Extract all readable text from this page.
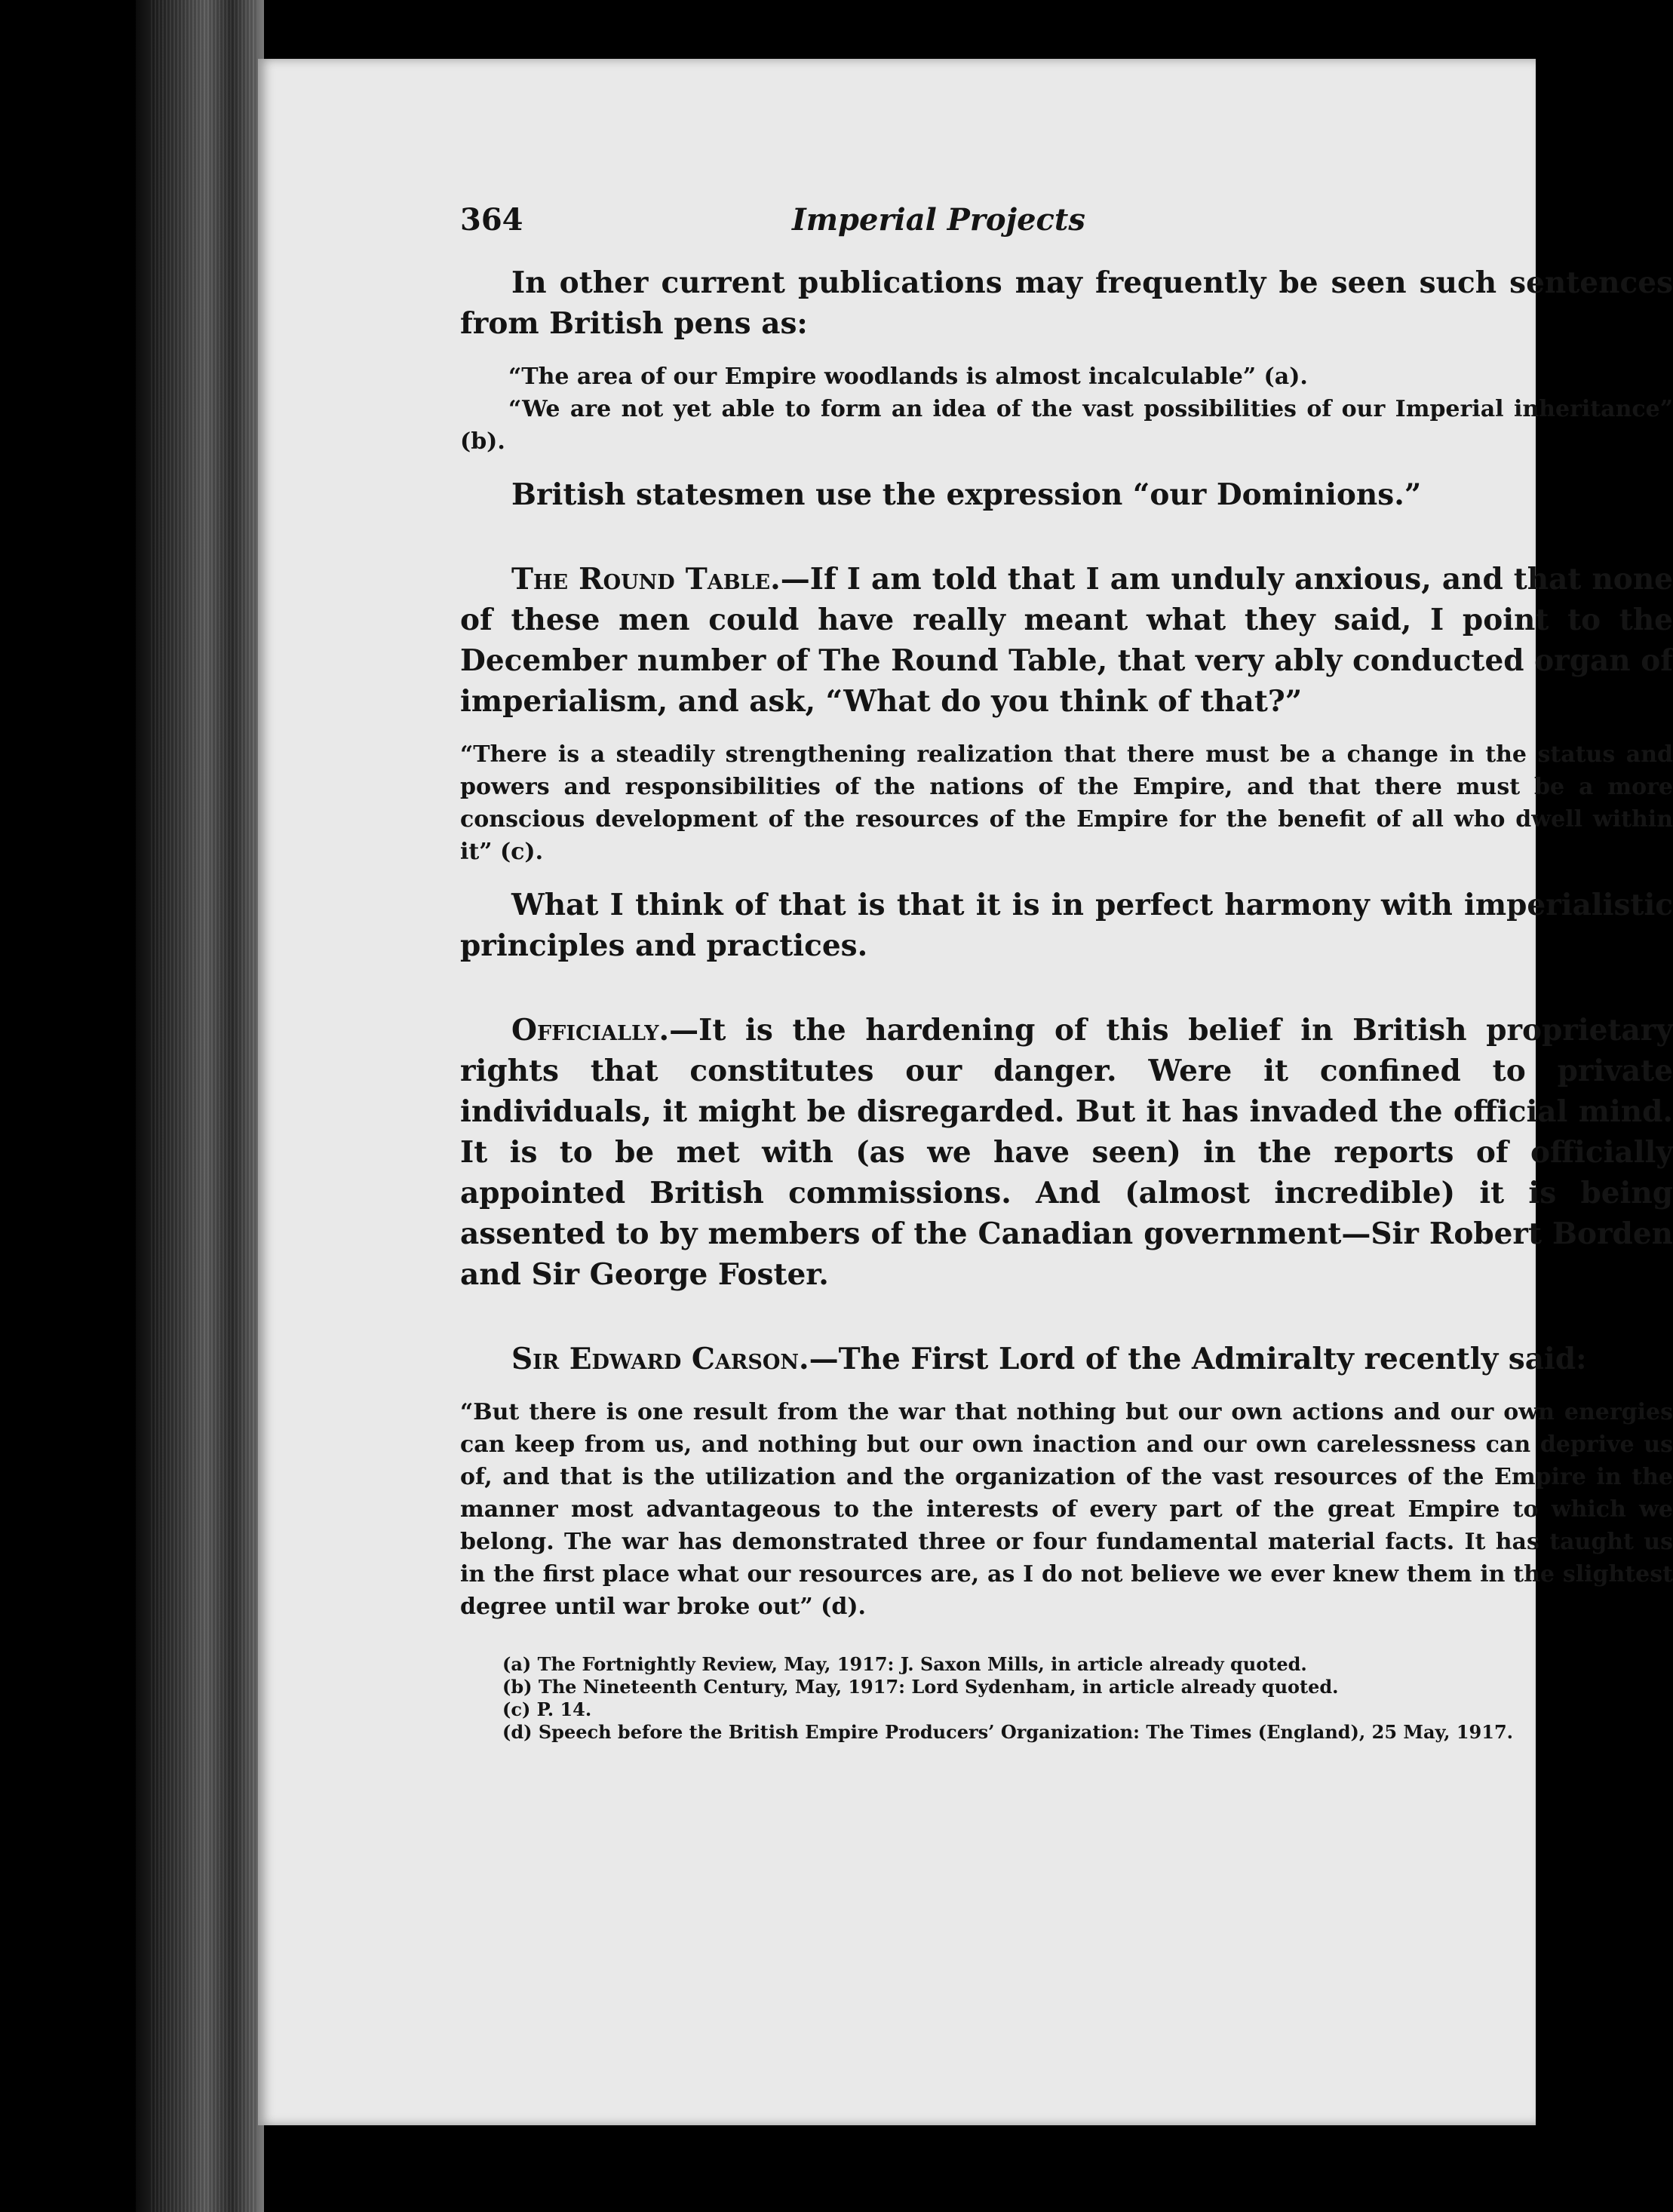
364	Imperial Projects

In other current publications may frequently be seen such sentences from British pens as:

“The area of our Empire woodlands is almost incalculable” (a).

“We are not yet able to form an idea of the vast possibilities of our Imperial inheritance” (b).

British statesmen use the expression “our Dominions.”

The Round Table.—If I am told that I am unduly anxious, and that none of these men could have really meant what they said, I point to the December number of The Round Table, that very ably conducted organ of imperialism, and ask, “What do you think of that?”

“There is a steadily strengthening realization that there must be a change in the status and powers and responsibilities of the nations of the Empire, and that there must be a more conscious development of the resources of the Empire for the benefit of all who dwell within it” (c).

What I think of that is that it is in perfect harmony with imperialistic principles and practices.

Officially.—It is the hardening of this belief in British proprietary rights that constitutes our danger. Were it confined to private individuals, it might be disregarded. But it has invaded the official mind. It is to be met with (as we have seen) in the reports of officially appointed British commissions. And (almost incredible) it is being assented to by members of the Canadian government—Sir Robert Borden and Sir George Foster.

Sir Edward Carson.—The First Lord of the Admiralty recently said:

“But there is one result from the war that nothing but our own actions and our own energies can keep from us, and nothing but our own inaction and our own carelessness can deprive us of, and that is the utilization and the organization of the vast resources of the Empire in the manner most advantageous to the interests of every part of the great Empire to which we belong. The war has demonstrated three or four fundamental material facts. It has taught us in the first place what our resources are, as I do not believe we ever knew them in the slightest degree until war broke out” (d).

(a) The Fortnightly Review, May, 1917: J. Saxon Mills, in article already quoted.

(b) The Nineteenth Century, May, 1917: Lord Sydenham, in article already quoted.

(c) P. 14.

(d) Speech before the British Empire Producers’ Organization: The Times (England), 25 May, 1917.
